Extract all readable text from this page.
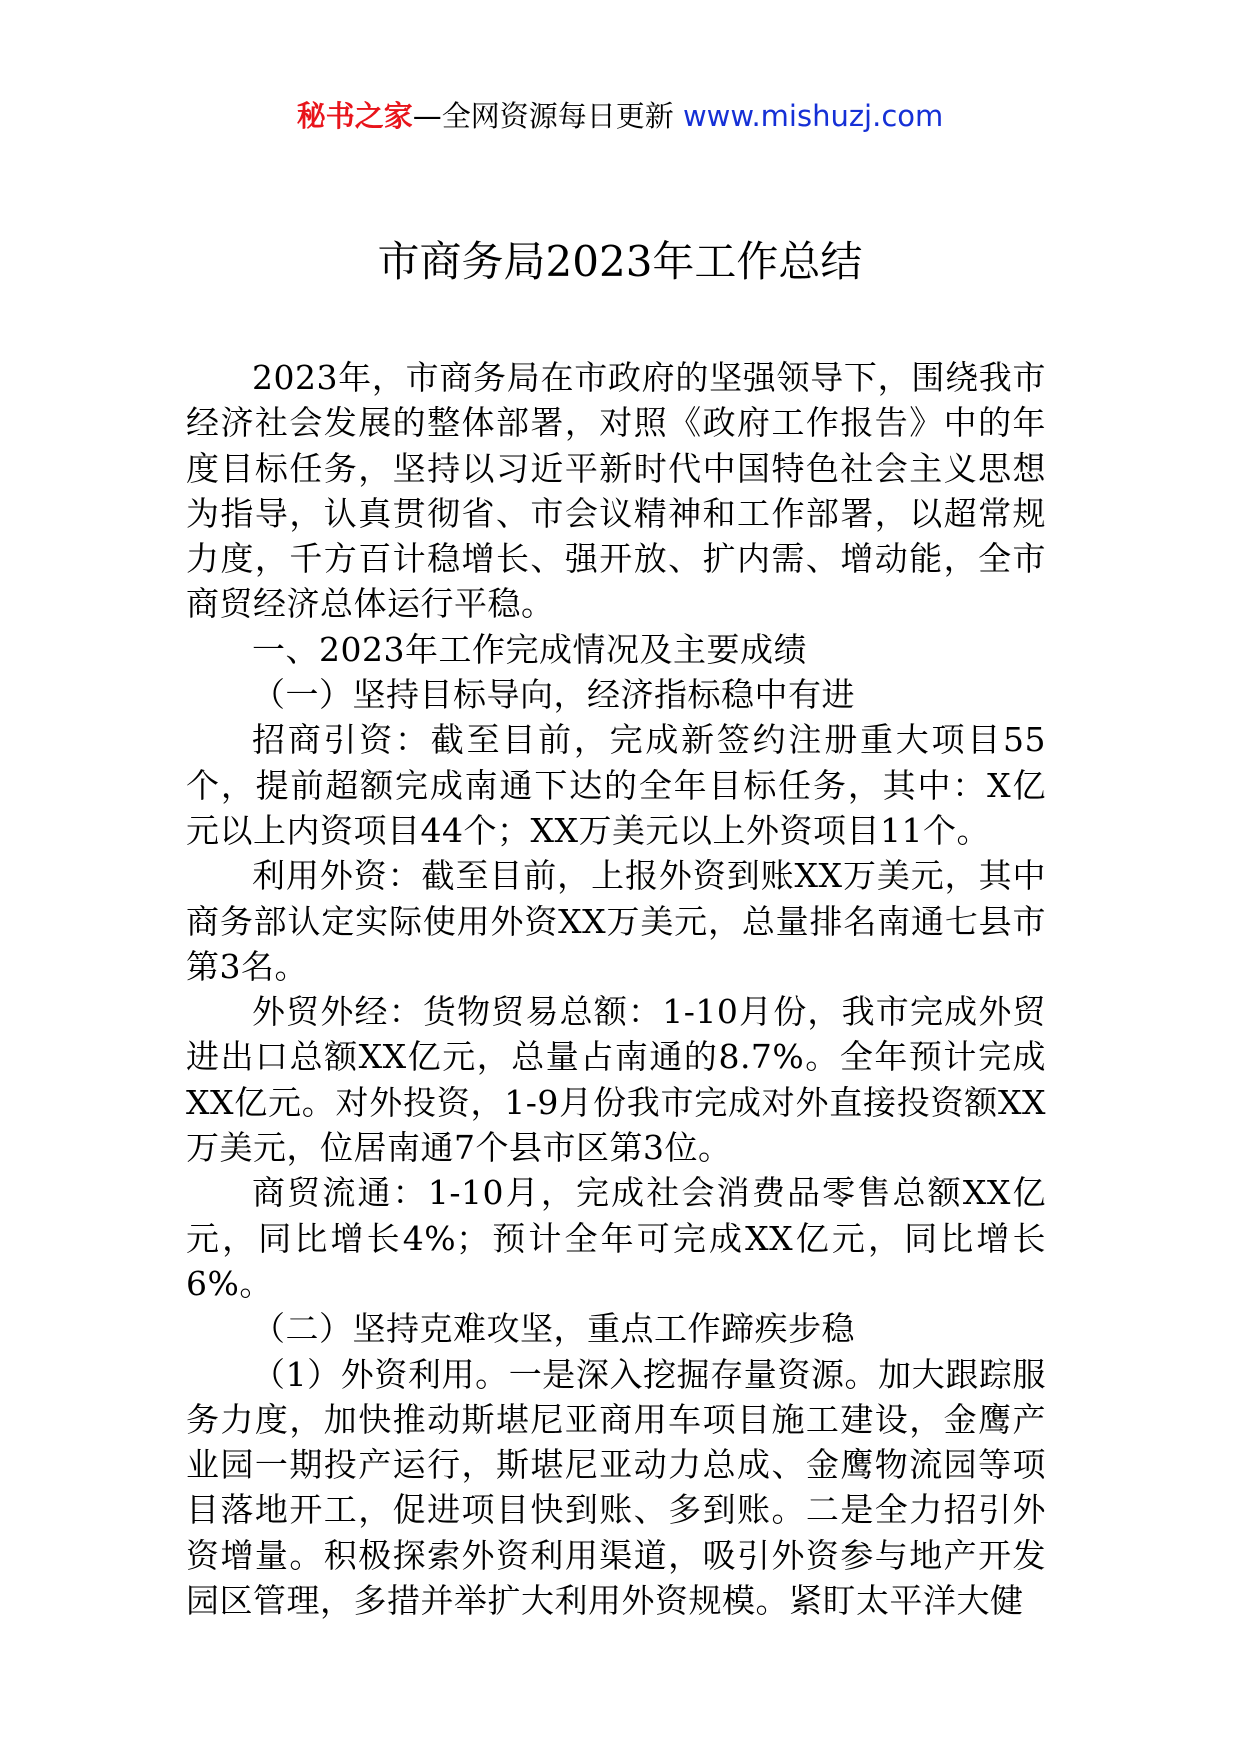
秘书之家—全网资源每日更新 www.mishuzj.com
市商务局2023年工作总结

2023年，市商务局在市政府的坚强领导下，围绕我市经济社会发展的整体部署，对照《政府工作报告》中的年度目标任务，坚持以习近平新时代中国特色社会主义思想为指导，认真贯彻省、市会议精神和工作部署，以超常规力度，千方百计稳增长、强开放、扩内需、增动能，全市商贸经济总体运行平稳。

一、2023年工作完成情况及主要成绩

（一）坚持目标导向，经济指标稳中有进

招商引资：截至目前，完成新签约注册重大项目55个，提前超额完成南通下达的全年目标任务，其中：X亿元以上内资项目44个；XX万美元以上外资项目11个。

利用外资：截至目前，上报外资到账XX万美元，其中商务部认定实际使用外资XX万美元，总量排名南通七县市第3名。

外贸外经：货物贸易总额：1-10月份，我市完成外贸进出口总额XX亿元，总量占南通的8.7%。全年预计完成XX亿元。对外投资，1-9月份我市完成对外直接投资额XX万美元，位居南通7个县市区第3位。

商贸流通：1-10月，完成社会消费品零售总额XX亿元，同比增长4%；预计全年可完成XX亿元，同比增长6%。

（二）坚持克难攻坚，重点工作蹄疾步稳

（1）外资利用。一是深入挖掘存量资源。加大跟踪服务力度，加快推动斯堪尼亚商用车项目施工建设，金鹰产业园一期投产运行，斯堪尼亚动力总成、金鹰物流园等项目落地开工，促进项目快到账、多到账。二是全力招引外资增量。积极探索外资利用渠道，吸引外资参与地产开发园区管理，多措并举扩大利用外资规模。紧盯太平洋大健
